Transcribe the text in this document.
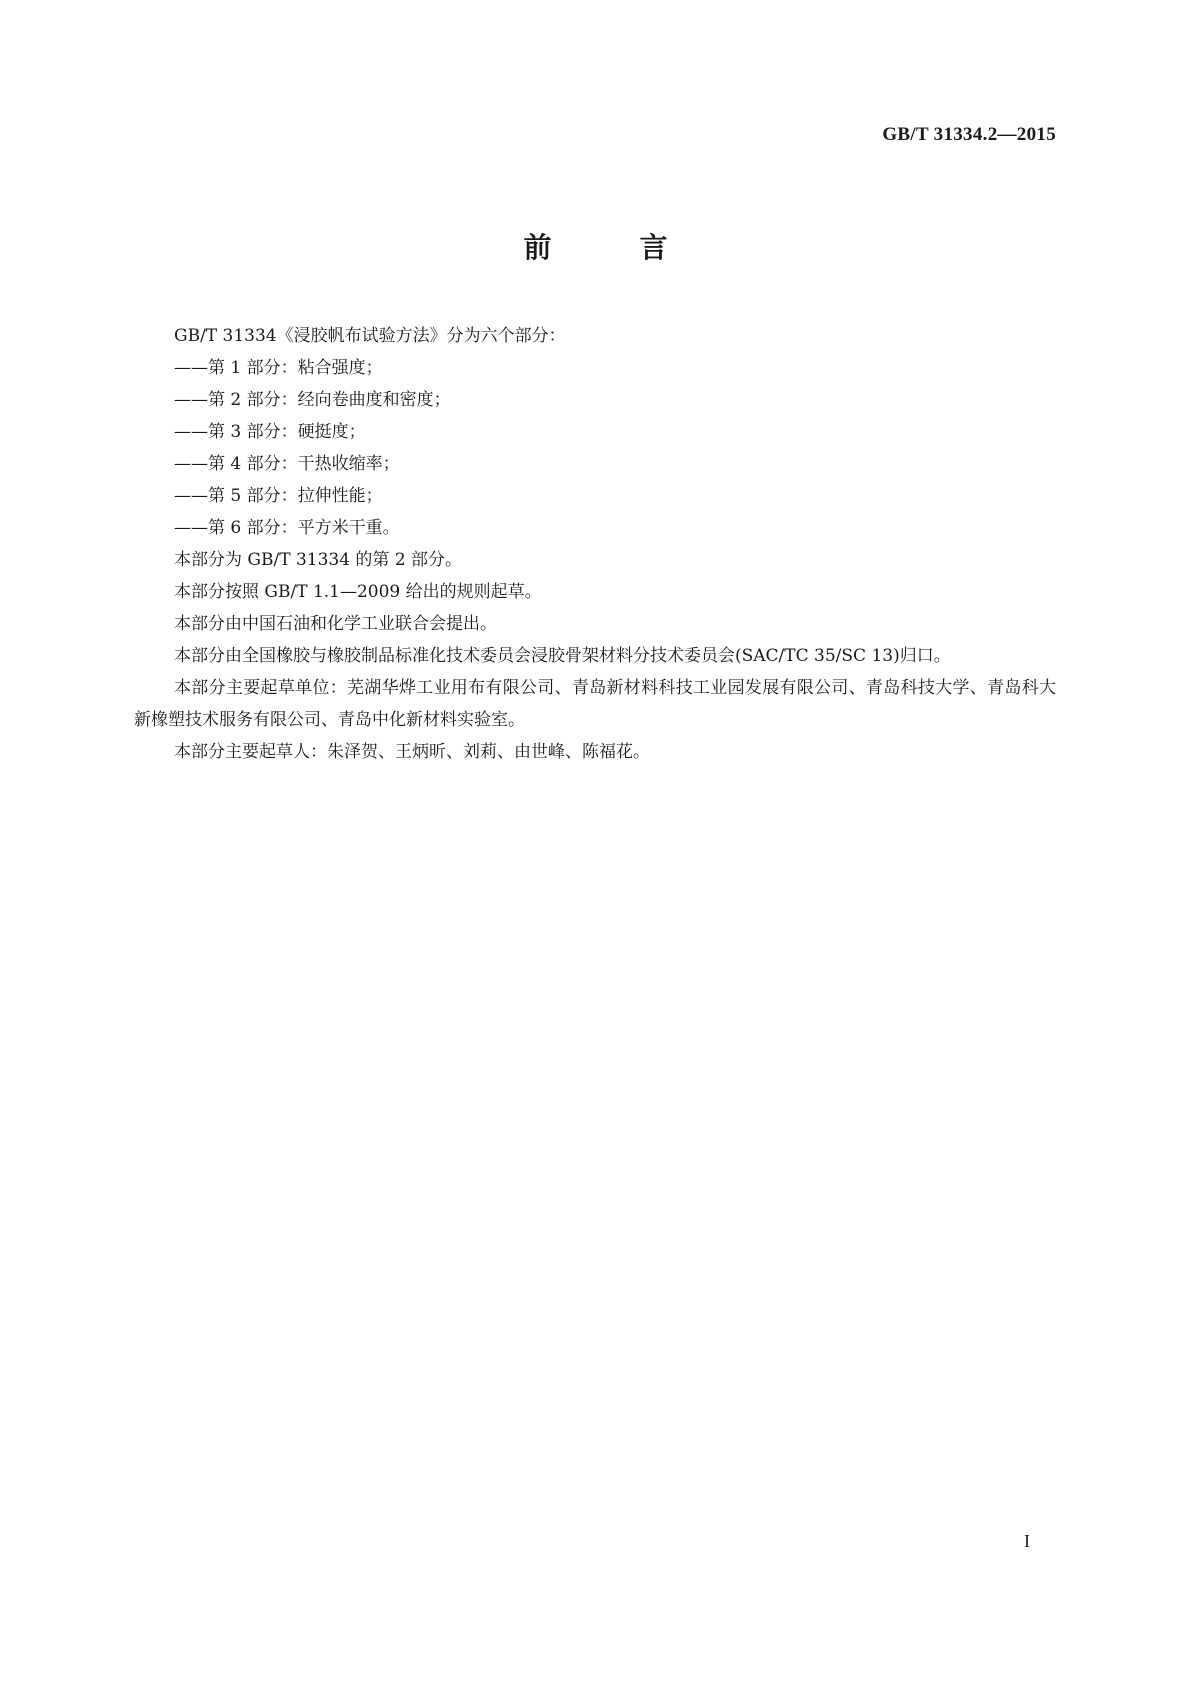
GB/T 31334.2—2015
前　言
GB/T 31334《浸胶帆布试验方法》分为六个部分：
——第 1 部分：粘合强度；
——第 2 部分：经向卷曲度和密度；
——第 3 部分：硬挺度；
——第 4 部分：干热收缩率；
——第 5 部分：拉伸性能；
——第 6 部分：平方米干重。
本部分为 GB/T 31334 的第 2 部分。
本部分按照 GB/T 1.1—2009 给出的规则起草。
本部分由中国石油和化学工业联合会提出。
本部分由全国橡胶与橡胶制品标准化技术委员会浸胶骨架材料分技术委员会(SAC/TC 35/SC 13)归口。
本部分主要起草单位：芜湖华烨工业用布有限公司、青岛新材料科技工业园发展有限公司、青岛科技大学、青岛科大新橡塑技术服务有限公司、青岛中化新材料实验室。
本部分主要起草人：朱泽贺、王炳昕、刘莉、由世峰、陈福花。
I
